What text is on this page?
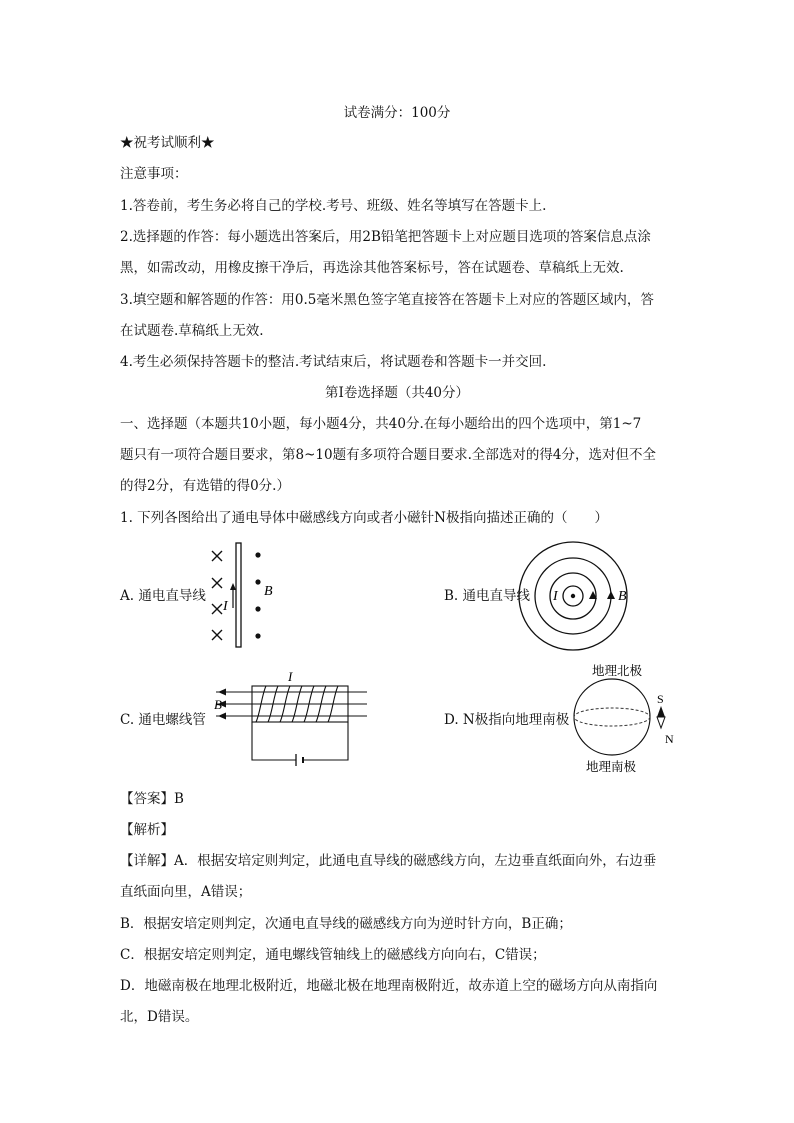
试卷满分：100分
★祝考试顺利★
注意事项：
1.答卷前，考生务必将自己的学校.考号、班级、姓名等填写在答题卡上.
2.选择题的作答：每小题选出答案后，用2B铅笔把答题卡上对应题目选项的答案信息点涂
黑，如需改动，用橡皮擦干净后，再选涂其他答案标号，答在试题卷、草稿纸上无效.
3.填空题和解答题的作答：用0.5毫米黑色签字笔直接答在答题卡上对应的答题区域内，答
在试题卷.草稿纸上无效.
4.考生必须保持答题卡的整洁.考试结束后，将试题卷和答题卡一并交回.
第Ⅰ卷选择题（共40分）
一、选择题（本题共10小题，每小题4分，共40分.在每小题给出的四个选项中，第1~7
题只有一项符合题目要求，第8~10题有多项符合题目要求.全部选对的得4分，选对但不全
的得2分，有选错的得0分.）
1. 下列各图给出了通电导体中磁感线方向或者小磁针N极指向描述正确的（　　）
A. 通电直导线	B. 通电直导线
C. 通电螺线管	D. N极指向地理南极
I
B	I	B
I
B
地理北极
地理南极
S
N
【答案】B
【解析】
【详解】A．根据安培定则判定，此通电直导线的磁感线方向，左边垂直纸面向外，右边垂
直纸面向里，A错误；
B．根据安培定则判定，次通电直导线的磁感线方向为逆时针方向，B正确；
C．根据安培定则判定，通电螺线管轴线上的磁感线方向向右，C错误；
D．地磁南极在地理北极附近，地磁北极在地理南极附近，故赤道上空的磁场方向从南指向
北，D错误。
